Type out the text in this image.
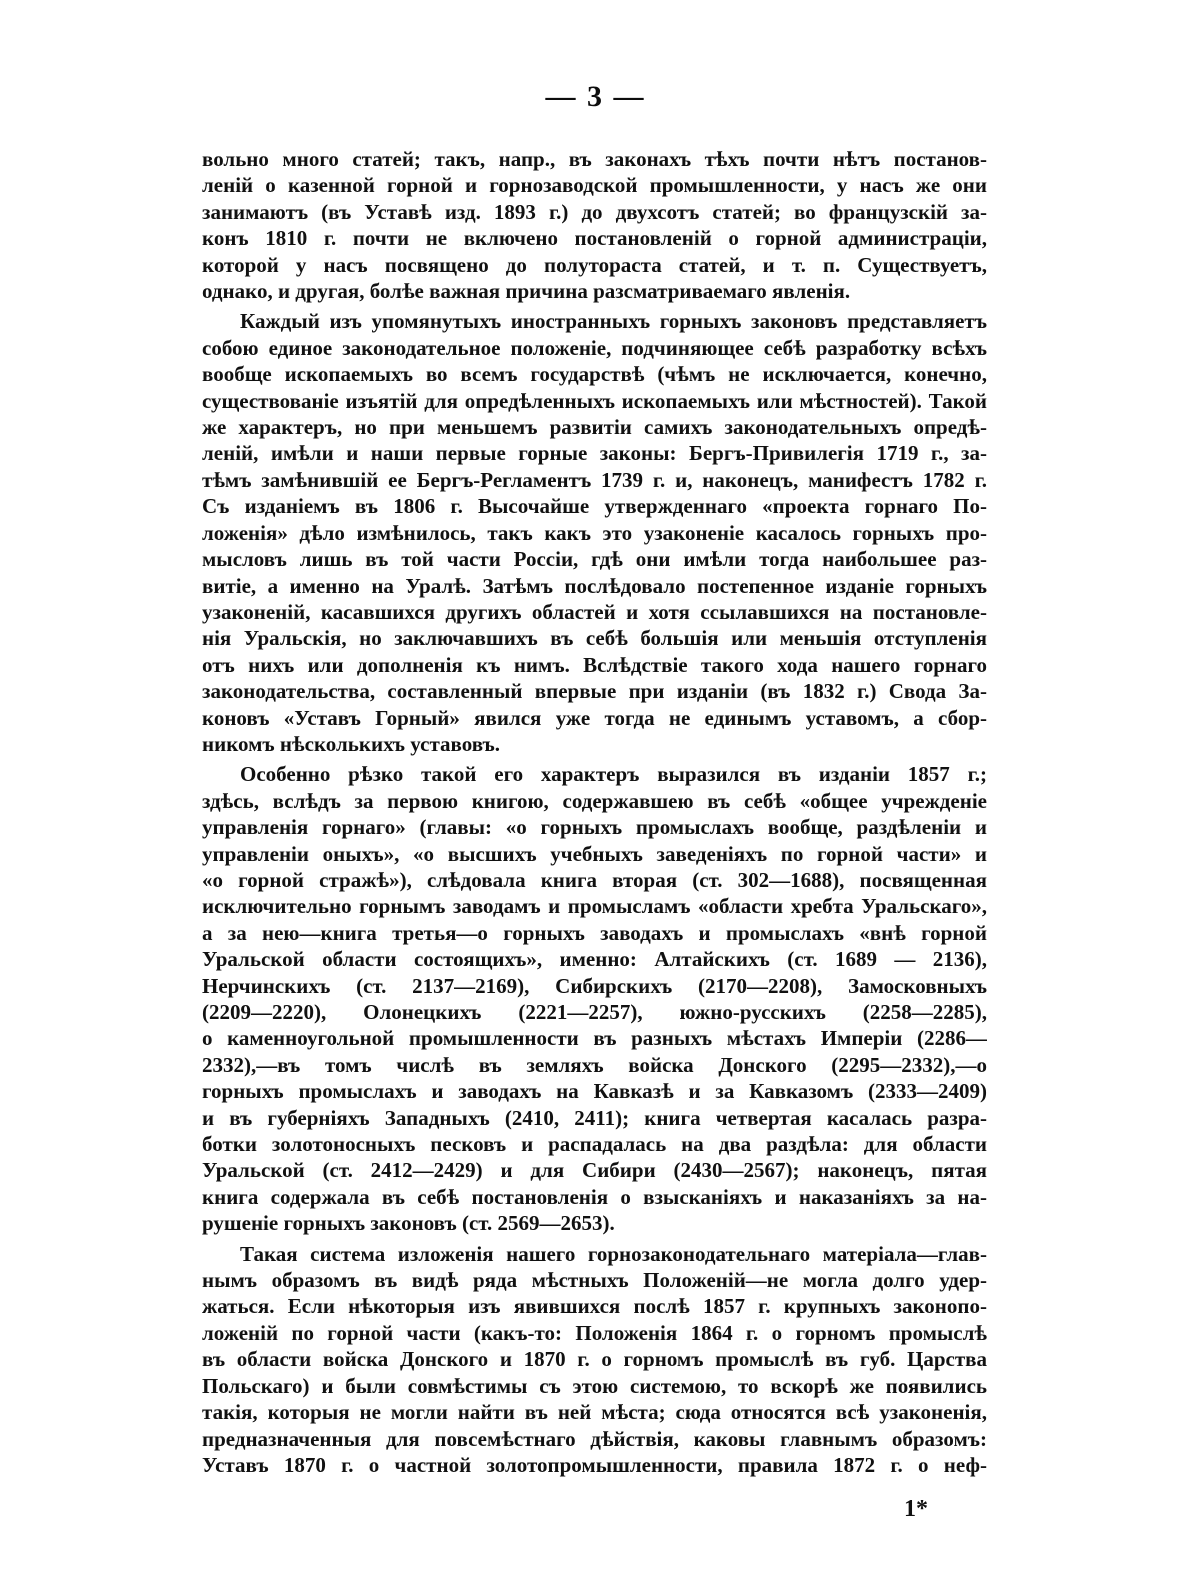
— 3 —

вольно много статей; такъ, напр., въ законахъ тѣхъ почти нѣтъ постанов-
леній о казенной горной и горнозаводской промышленности, у насъ же они
занимаютъ (въ Уставѣ изд. 1893 г.) до двухсотъ статей; во французскій за-
конъ 1810 г. почти не включено постановленій о горной администраціи,
которой у насъ посвящено до полутораста статей, и т. п. Существуетъ,
однако, и другая, болѣе важная причина разсматриваемаго явленія.

Каждый изъ упомянутыхъ иностранныхъ горныхъ законовъ представляетъ
собою единое законодательное положеніе, подчиняющее себѣ разработку всѣхъ
вообще ископаемыхъ во всемъ государствѣ (чѣмъ не исключается, конечно,
существованіе изъятій для опредѣленныхъ ископаемыхъ или мѣстностей). Такой
же характеръ, но при меньшемъ развитіи самихъ законодательныхъ опредѣ-
леній, имѣли и наши первые горные законы: Бергъ-Привилегія 1719 г., за-
тѣмъ замѣнившій ее Бергъ-Регламентъ 1739 г. и, наконецъ, манифестъ 1782 г.
Съ изданіемъ въ 1806 г. Высочайше утвержденнаго «проекта горнаго По-
ложенія» дѣло измѣнилось, такъ какъ это узаконеніе касалось горныхъ про-
мысловъ лишь въ той части Россіи, гдѣ они имѣли тогда наибольшее раз-
витіе, а именно на Уралѣ. Затѣмъ послѣдовало постепенное изданіе горныхъ
узаконеній, касавшихся другихъ областей и хотя ссылавшихся на постановле-
нія Уральскія, но заключавшихъ въ себѣ большія или меньшія отступленія
отъ нихъ или дополненія къ нимъ. Вслѣдствіе такого хода нашего горнаго
законодательства, составленный впервые при изданіи (въ 1832 г.) Свода За-
коновъ «Уставъ Горный» явился уже тогда не единымъ уставомъ, а сбор-
никомъ нѣсколькихъ уставовъ.

Особенно рѣзко такой его характеръ выразился въ изданіи 1857 г.;
здѣсь, вслѣдъ за первою книгою, содержавшею въ себѣ «общее учрежденіе
управленія горнаго» (главы: «о горныхъ промыслахъ вообще, раздѣленіи и
управленіи оныхъ», «о высшихъ учебныхъ заведеніяхъ по горной части» и
«о горной стражѣ»), слѣдовала книга вторая (ст. 302—1688), посвященная
исключительно горнымъ заводамъ и промысламъ «области хребта Уральскаго»,
а за нею—книга третья—о горныхъ заводахъ и промыслахъ «внѣ горной
Уральской области состоящихъ», именно: Алтайскихъ (ст. 1689 — 2136),
Нерчинскихъ (ст. 2137—2169), Сибирскихъ (2170—2208), Замосковныхъ
(2209—2220), Олонецкихъ (2221—2257), южно-русскихъ (2258—2285),
о каменноугольной промышленности въ разныхъ мѣстахъ Имперіи (2286—
2332),—въ томъ числѣ въ земляхъ войска Донского (2295—2332),—о
горныхъ промыслахъ и заводахъ на Кавказѣ и за Кавказомъ (2333—2409)
и въ губерніяхъ Западныхъ (2410, 2411); книга четвертая касалась разра-
ботки золотоносныхъ песковъ и распадалась на два раздѣла: для области
Уральской (ст. 2412—2429) и для Сибири (2430—2567); наконецъ, пятая
книга содержала въ себѣ постановленія о взысканіяхъ и наказаніяхъ за на-
рушеніе горныхъ законовъ (ст. 2569—2653).

Такая система изложенія нашего горнозаконодательнаго матеріала—глав-
нымъ образомъ въ видѣ ряда мѣстныхъ Положеній—не могла долго удер-
жаться. Если нѣкоторыя изъ явившихся послѣ 1857 г. крупныхъ законопо-
ложеній по горной части (какъ-то: Положенія 1864 г. о горномъ промыслѣ
въ области войска Донского и 1870 г. о горномъ промыслѣ въ губ. Царства
Польскаго) и были совмѣстимы съ этою системою, то вскорѣ же появились
такія, которыя не могли найти въ ней мѣста; сюда относятся всѣ узаконенія,
предназначенныя для повсемѣстнаго дѣйствія, каковы главнымъ образомъ:
Уставъ 1870 г. о частной золотопромышленности, правила 1872 г. о неф-

1*
